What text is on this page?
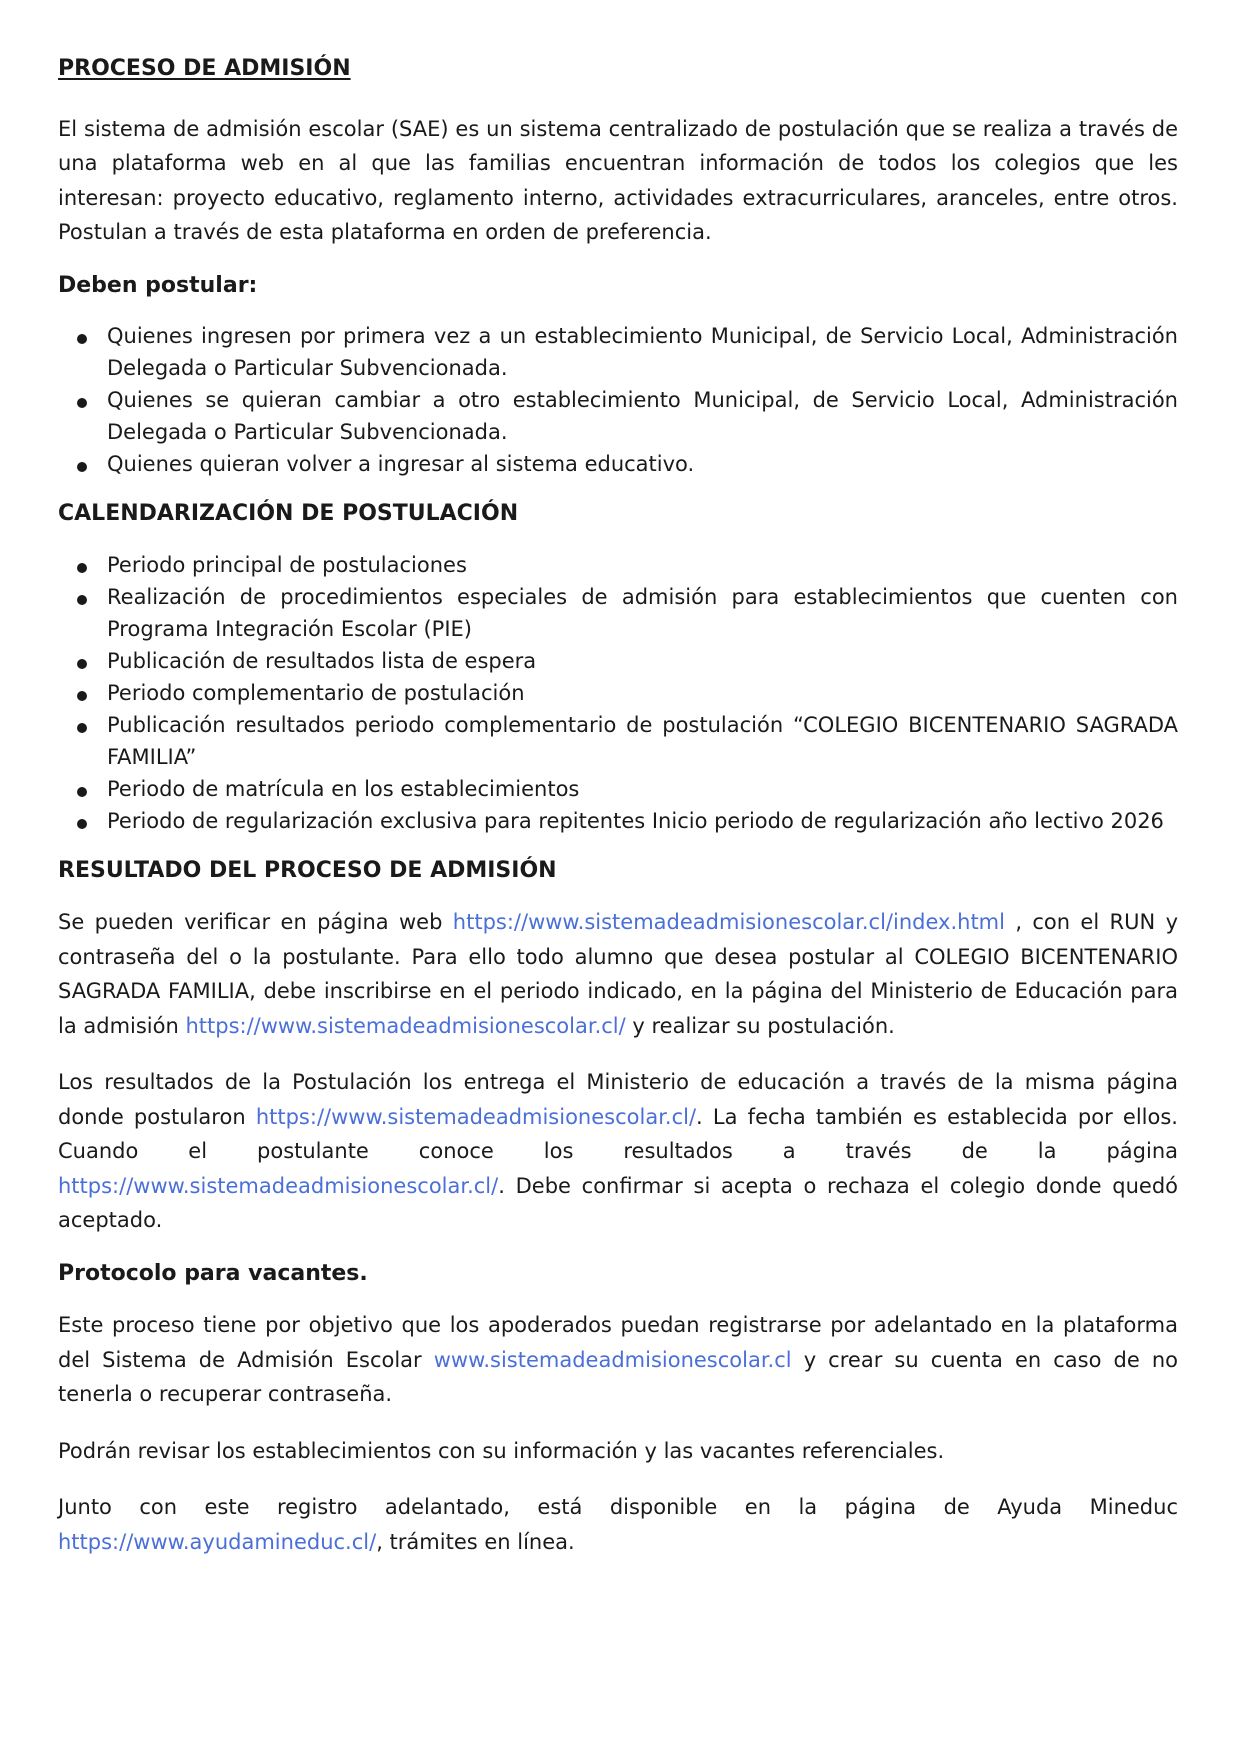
PROCESO DE ADMISIÓN

El sistema de admisión escolar (SAE) es un sistema centralizado de postulación que se realiza a través de una plataforma web en al que las familias encuentran información de todos los colegios que les interesan: proyecto educativo, reglamento interno, actividades extracurriculares, aranceles, entre otros. Postulan a través de esta plataforma en orden de preferencia.

Deben postular:
Quienes ingresen por primera vez a un establecimiento Municipal, de Servicio Local, Administración Delegada o Particular Subvencionada.
Quienes se quieran cambiar a otro establecimiento Municipal, de Servicio Local, Administración Delegada o Particular Subvencionada.
Quienes quieran volver a ingresar al sistema educativo.
CALENDARIZACIÓN DE POSTULACIÓN
Periodo principal de postulaciones
Realización de procedimientos especiales de admisión para establecimientos que cuenten con Programa Integración Escolar (PIE)
Publicación de resultados lista de espera
Periodo complementario de postulación
Publicación resultados periodo complementario de postulación “COLEGIO BICENTENARIO SAGRADA FAMILIA”
Periodo de matrícula en los establecimientos
Periodo de regularización exclusiva para repitentes Inicio periodo de regularización año lectivo 2026
RESULTADO DEL PROCESO DE ADMISIÓN

Se pueden verificar en página web https://www.sistemadeadmisionescolar.cl/index.html , con el RUN y contraseña del o la postulante. Para ello todo alumno que desea postular al COLEGIO BICENTENARIO SAGRADA FAMILIA, debe inscribirse en el periodo indicado, en la página del Ministerio de Educación para la admisión https://www.sistemadeadmisionescolar.cl/ y realizar su postulación.

Los resultados de la Postulación los entrega el Ministerio de educación a través de la misma página donde postularon https://www.sistemadeadmisionescolar.cl/. La fecha también es establecida por ellos. Cuando el postulante conoce los resultados a través de la página https://www.sistemadeadmisionescolar.cl/. Debe confirmar si acepta o rechaza el colegio donde quedó aceptado.

Protocolo para vacantes.

Este proceso tiene por objetivo que los apoderados puedan registrarse por adelantado en la plataforma del Sistema de Admisión Escolar www.sistemadeadmisionescolar.cl y crear su cuenta en caso de no tenerla o recuperar contraseña.

Podrán revisar los establecimientos con su información y las vacantes referenciales.

Junto con este registro adelantado, está disponible en la página de Ayuda Mineduc https://www.ayudamineduc.cl/, trámites en línea.
